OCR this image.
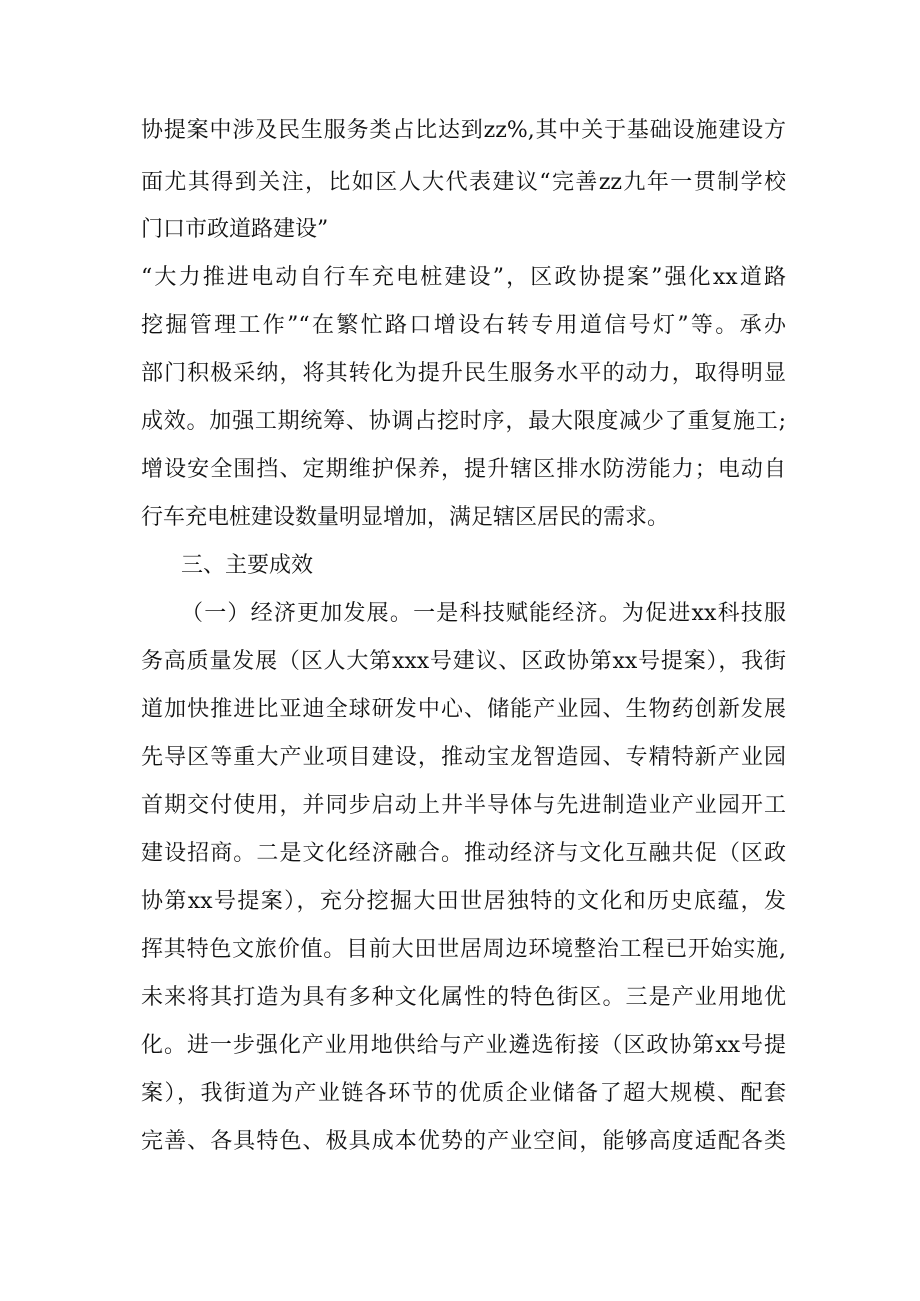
协提案中涉及民生服务类占比达到zz%,其中关于基础设施建设方
面尤其得到关注，比如区人大代表建议“完善zz九年一贯制学校
门口市政道路建设”
“大力推进电动自行车充电桩建设”，区政协提案”强化xx道路
挖掘管理工作”“在繁忙路口增设右转专用道信号灯”等。承办
部门积极采纳，将其转化为提升民生服务水平的动力，取得明显
成效。加强工期统筹、协调占挖时序，最大限度减少了重复施工;
增设安全围挡、定期维护保养，提升辖区排水防涝能力；电动自
行车充电桩建设数量明显增加，满足辖区居民的需求。
三、主要成效
（一）经济更加发展。一是科技赋能经济。为促进xx科技服
务高质量发展（区人大第xxx号建议、区政协第xx号提案），我街
道加快推进比亚迪全球研发中心、储能产业园、生物药创新发展
先导区等重大产业项目建设，推动宝龙智造园、专精特新产业园
首期交付使用，并同步启动上井半导体与先进制造业产业园开工
建设招商。二是文化经济融合。推动经济与文化互融共促（区政
协第xx号提案），充分挖掘大田世居独特的文化和历史底蕴，发
挥其特色文旅价值。目前大田世居周边环境整治工程已开始实施,
未来将其打造为具有多种文化属性的特色街区。三是产业用地优
化。进一步强化产业用地供给与产业遴选衔接（区政协第xx号提
案），我街道为产业链各环节的优质企业储备了超大规模、配套
完善、各具特色、极具成本优势的产业空间，能够高度适配各类
